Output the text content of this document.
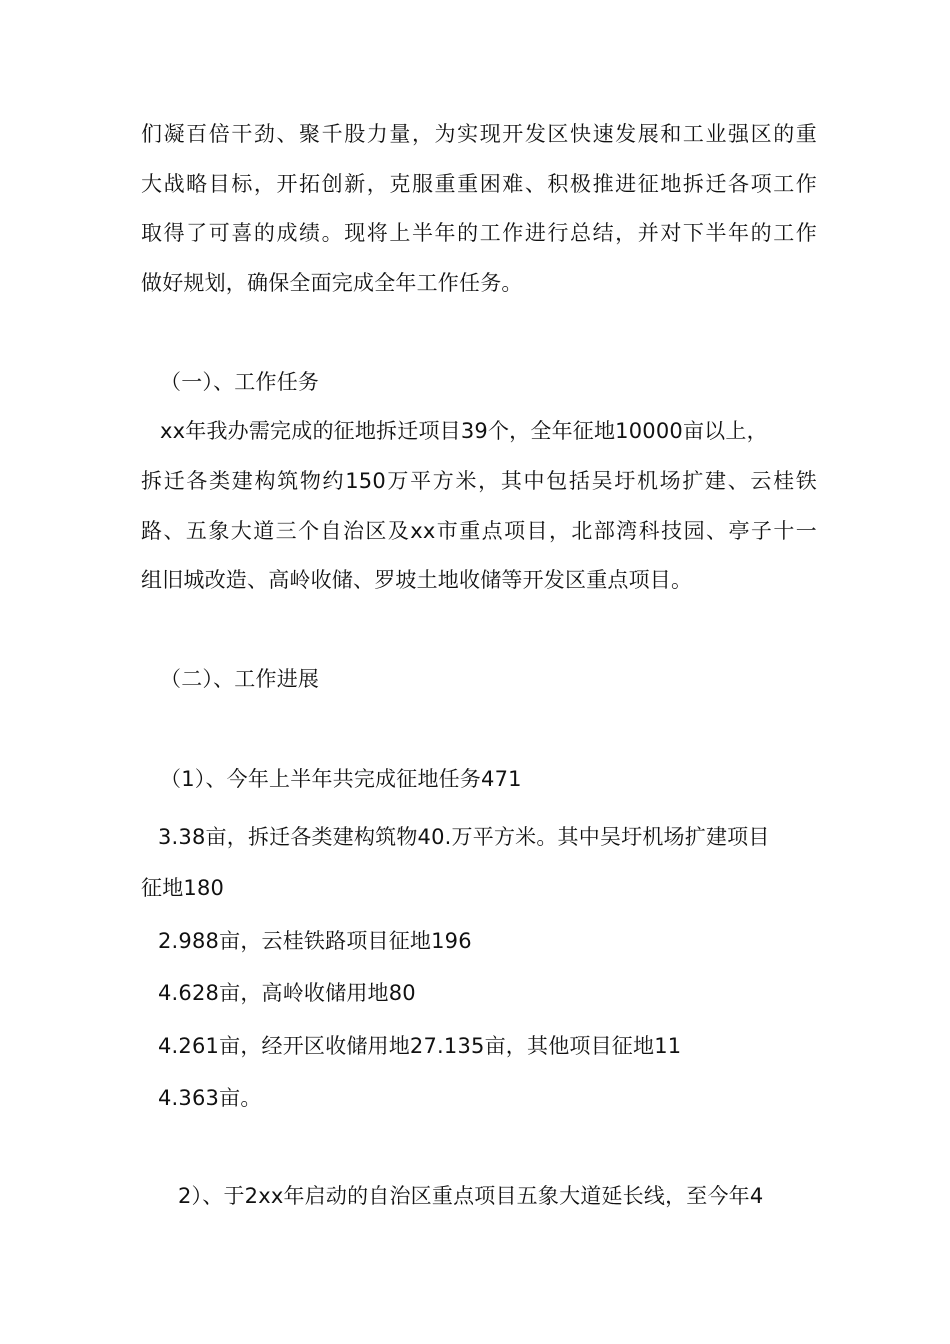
们凝百倍干劲、聚千股力量，为实现开发区快速发展和工业强区的重
大战略目标，开拓创新，克服重重困难、积极推进征地拆迁各项工作
取得了可喜的成绩。现将上半年的工作进行总结，并对下半年的工作
做好规划，确保全面完成全年工作任务。
（一）、工作任务
xx年我办需完成的征地拆迁项目39个，全年征地10000亩以上，
拆迁各类建构筑物约150万平方米，其中包括吴圩机场扩建、云桂铁
路、五象大道三个自治区及xx市重点项目，北部湾科技园、亭子十一
组旧城改造、高岭收储、罗坡土地收储等开发区重点项目。
（二）、工作进展
（1）、今年上半年共完成征地任务471
3.38亩，拆迁各类建构筑物40.万平方米。其中吴圩机场扩建项目
征地180
2.988亩，云桂铁路项目征地196
4.628亩，高岭收储用地80
4.261亩，经开区收储用地27.135亩，其他项目征地11
4.363亩。
2）、于2xx年启动的自治区重点项目五象大道延长线，至今年4
